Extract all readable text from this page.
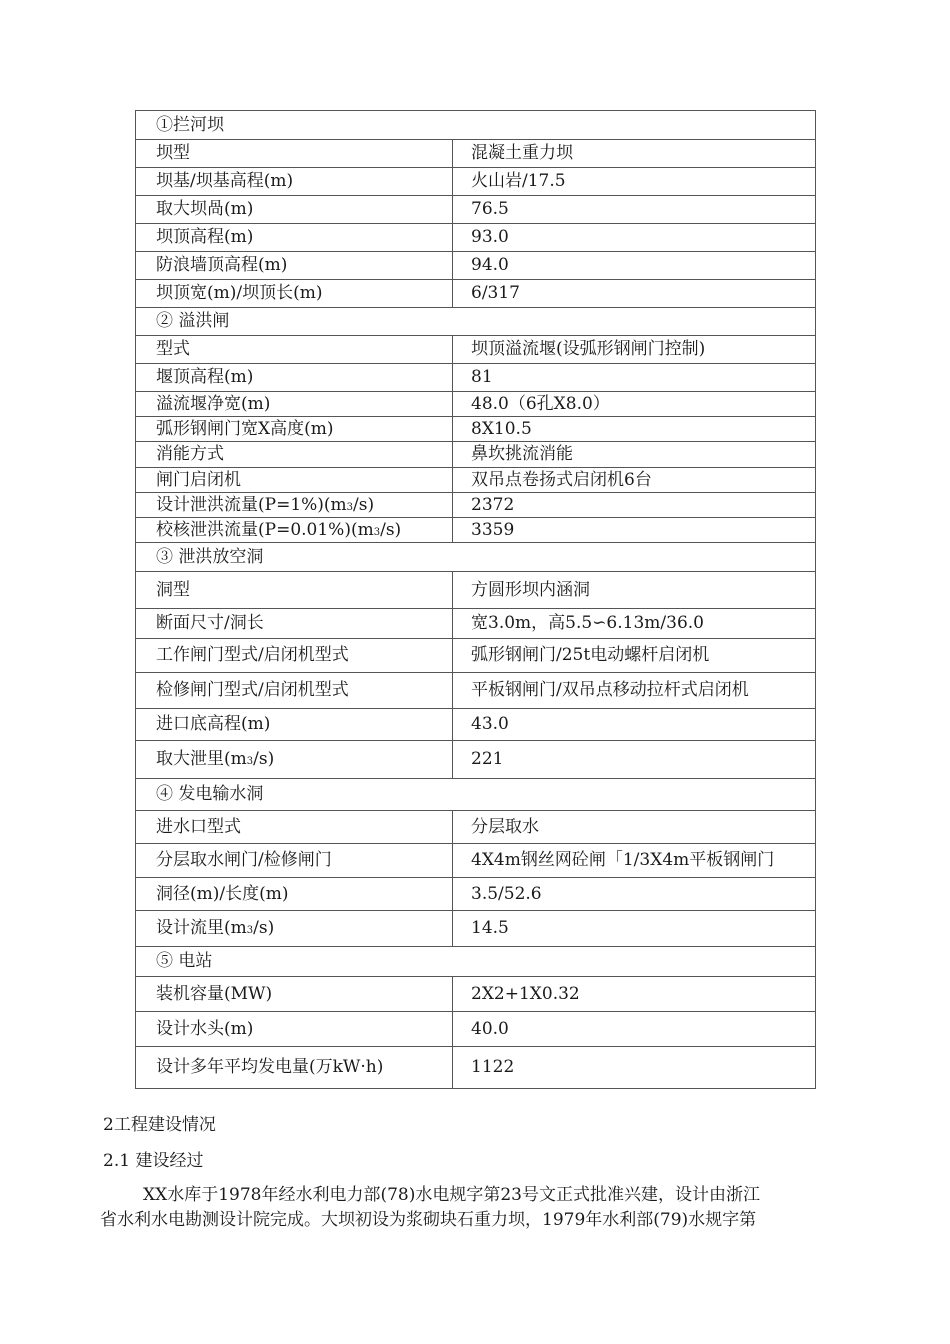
①拦河坝	
坝型	混凝土重力坝
坝基/坝基高程(m)	火山岩/17.5
取大坝咼(m)	76.5
坝顶高程(m)	93.0
防浪墙顶高程(m)	94.0
坝顶宽(m)/坝顶长(m)	6/317
② 溢洪闸	
型式	坝顶溢流堰(设弧形钢闸门控制)
堰顶高程(m)	81
溢流堰净宽(m)	48.0（6孔X8.0）
弧形钢闸门宽X高度(m)	8X10.5
消能方式	鼻坎挑流消能
闸门启闭机	双吊点卷扬式启闭机6台
设计泄洪流量(P=1%)(m3/s)	2372
校核泄洪流量(P=0.01%)(m3/s)	3359
③ 泄洪放空洞	
洞型	方圆形坝内涵洞
断面尺寸/洞长	宽3.0m，高5.5∽6.13m/36.0
工作闸门型式/启闭机型式	弧形钢闸门/25t电动螺杆启闭机
检修闸门型式/启闭机型式	平板钢闸门/双吊点移动拉杆式启闭机
进口底高程(m)	43.0
取大泄里(m3/s)	221
④ 发电输水洞	
进水口型式	分层取水
分层取水闸门/检修闸门	4X4m钢丝网砼闸「1/3X4m平板钢闸门
洞径(m)/长度(m)	3.5/52.6
设计流里(m3/s)	14.5
⑤ 电站	
装机容量(MW)	2X2+1X0.32
设计水头(m)	40.0
设计多年平均发电量(万kW·h)	1122
2工程建设情况
2.1 建设经过

XX水库于1978年经水利电力部(78)水电规字第23号文正式批准兴建，设计由浙江

省水利水电勘测设计院完成。大坝初设为浆砌块石重力坝，1979年水利部(79)水规字第
